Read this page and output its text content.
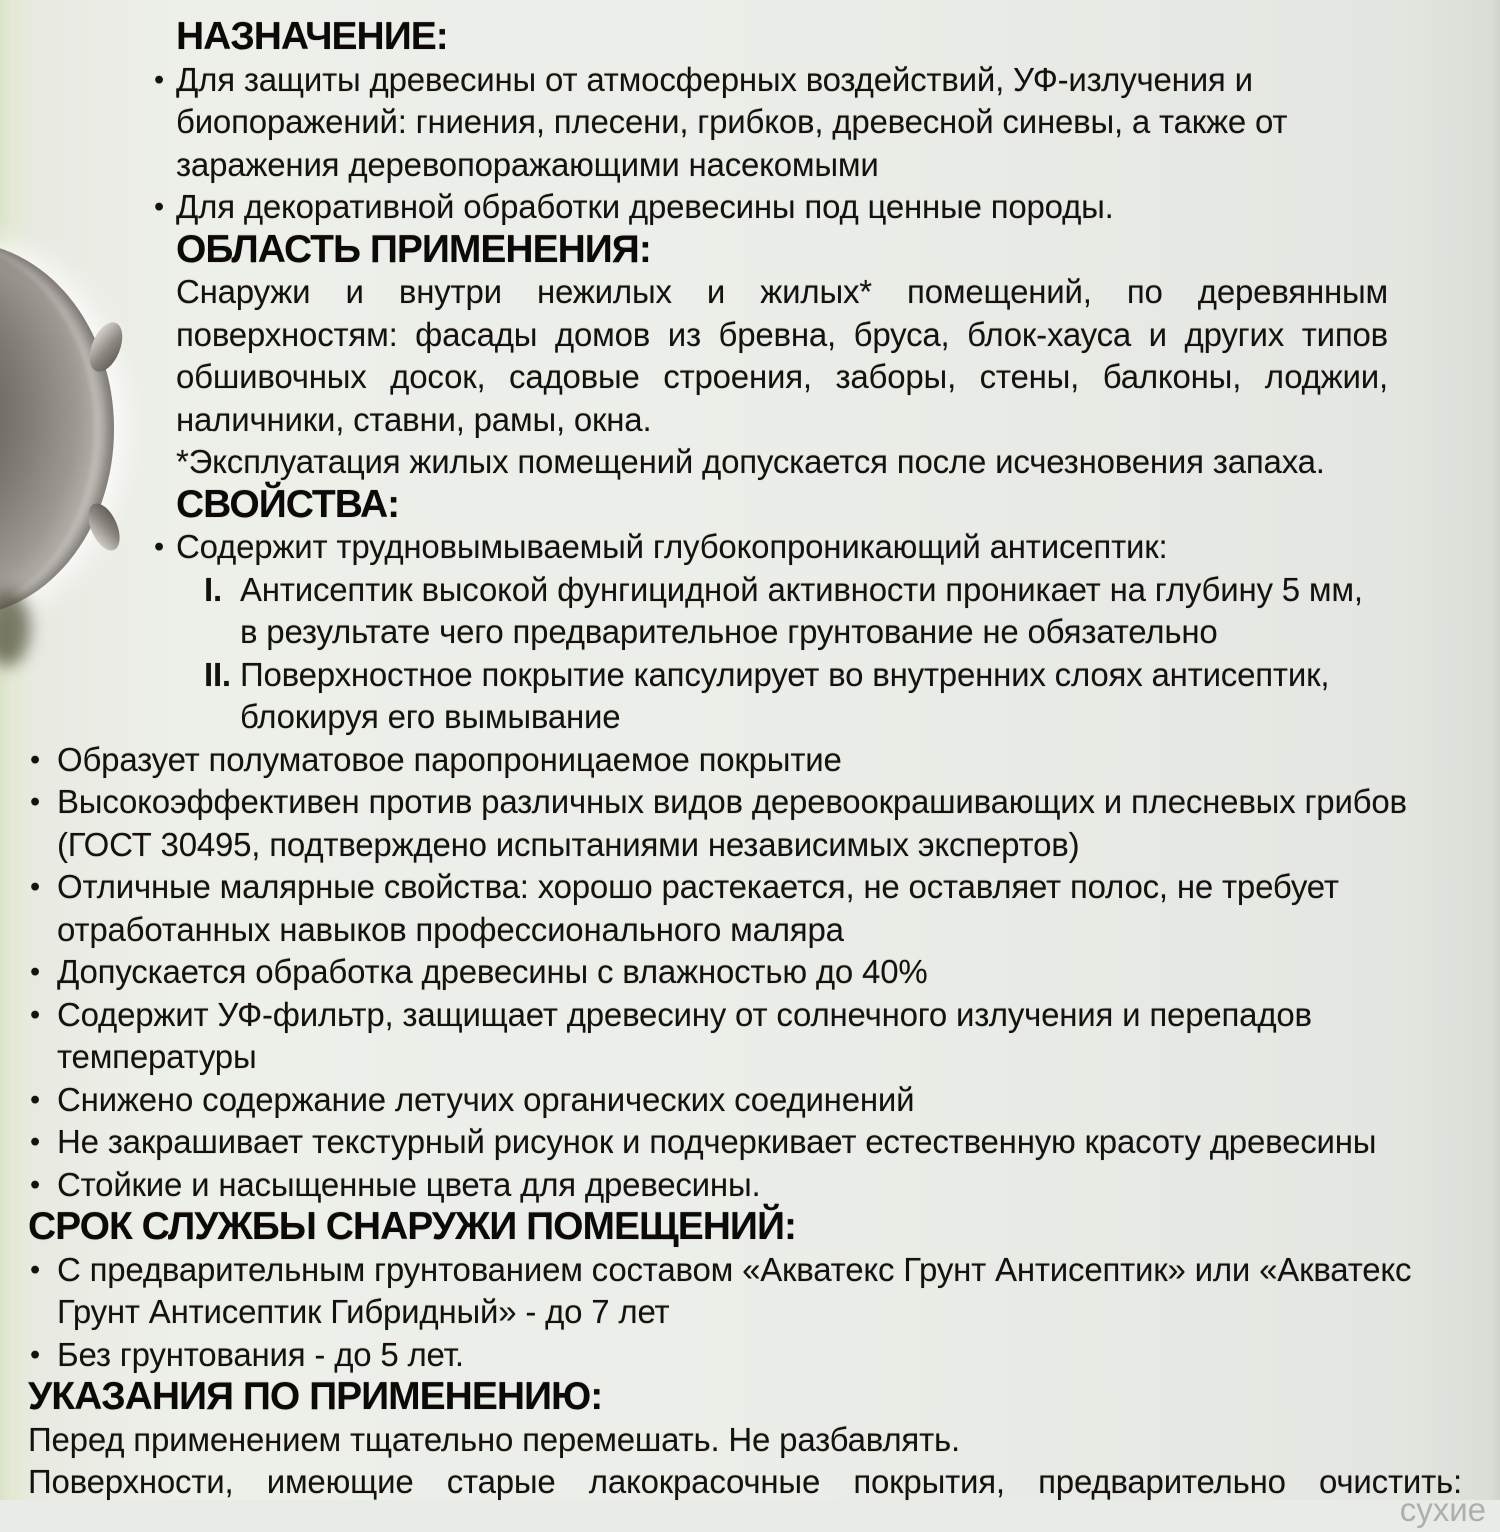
НАЗНАЧЕНИЕ:
• Для защиты древесины от атмосферных воздействий, УФ-излучения и биопоражений: гниения, плесени, грибков, древесной синевы, а также от заражения деревопоражающими насекомыми

• Для декоративной обработки древесины под ценные породы.

ОБЛАСТЬ ПРИМЕНЕНИЯ:

Снаружи и внутри нежилых и жилых* помещений, по деревянным поверхностям: фасады домов из бревна, бруса, блок-хауса и других типов обшивочных досок, садовые строения, заборы, стены, балконы, лоджии, наличники, ставни, рамы, окна.

*Эксплуатация жилых помещений допускается после исчезновения запаха.

СВОЙСТВА:
• Содержит трудновымываемый глубокопроникающий антисептик:

I. Антисептик высокой фунгицидной активности проникает на глубину 5 мм, в результате чего предварительное грунтование не обязательно

II. Поверхностное покрытие капсулирует во внутренних слоях антисептик, блокируя его вымывание

• Образует полуматовое паропроницаемое покрытие

• Высокоэффективен против различных видов деревоокрашивающих и плесневых грибов (ГОСТ 30495, подтверждено испытаниями независимых экспертов)

• Отличные малярные свойства: хорошо растекается, не оставляет полос, не требует отработанных навыков профессионального маляра

• Допускается обработка древесины с влажностью до 40%

• Содержит УФ-фильтр, защищает древесину от солнечного излучения и перепадов температуры

• Снижено содержание летучих органических соединений

• Не закрашивает текстурный рисунок и подчеркивает естественную красоту древесины

• Стойкие и насыщенные цвета для древесины.

СРОК СЛУЖБЫ СНАРУЖИ ПОМЕЩЕНИЙ:
• С предварительным грунтованием составом «Акватекс Грунт Антисептик» или «Акватекс Грунт Антисептик Гибридный» - до 7 лет

• Без грунтования - до 5 лет.

УКАЗАНИЯ ПО ПРИМЕНЕНИЮ:

Перед применением тщательно перемешать. Не разбавлять.

Поверхности, имеющие старые лакокрасочные покрытия, предварительно очистить:

сухие
